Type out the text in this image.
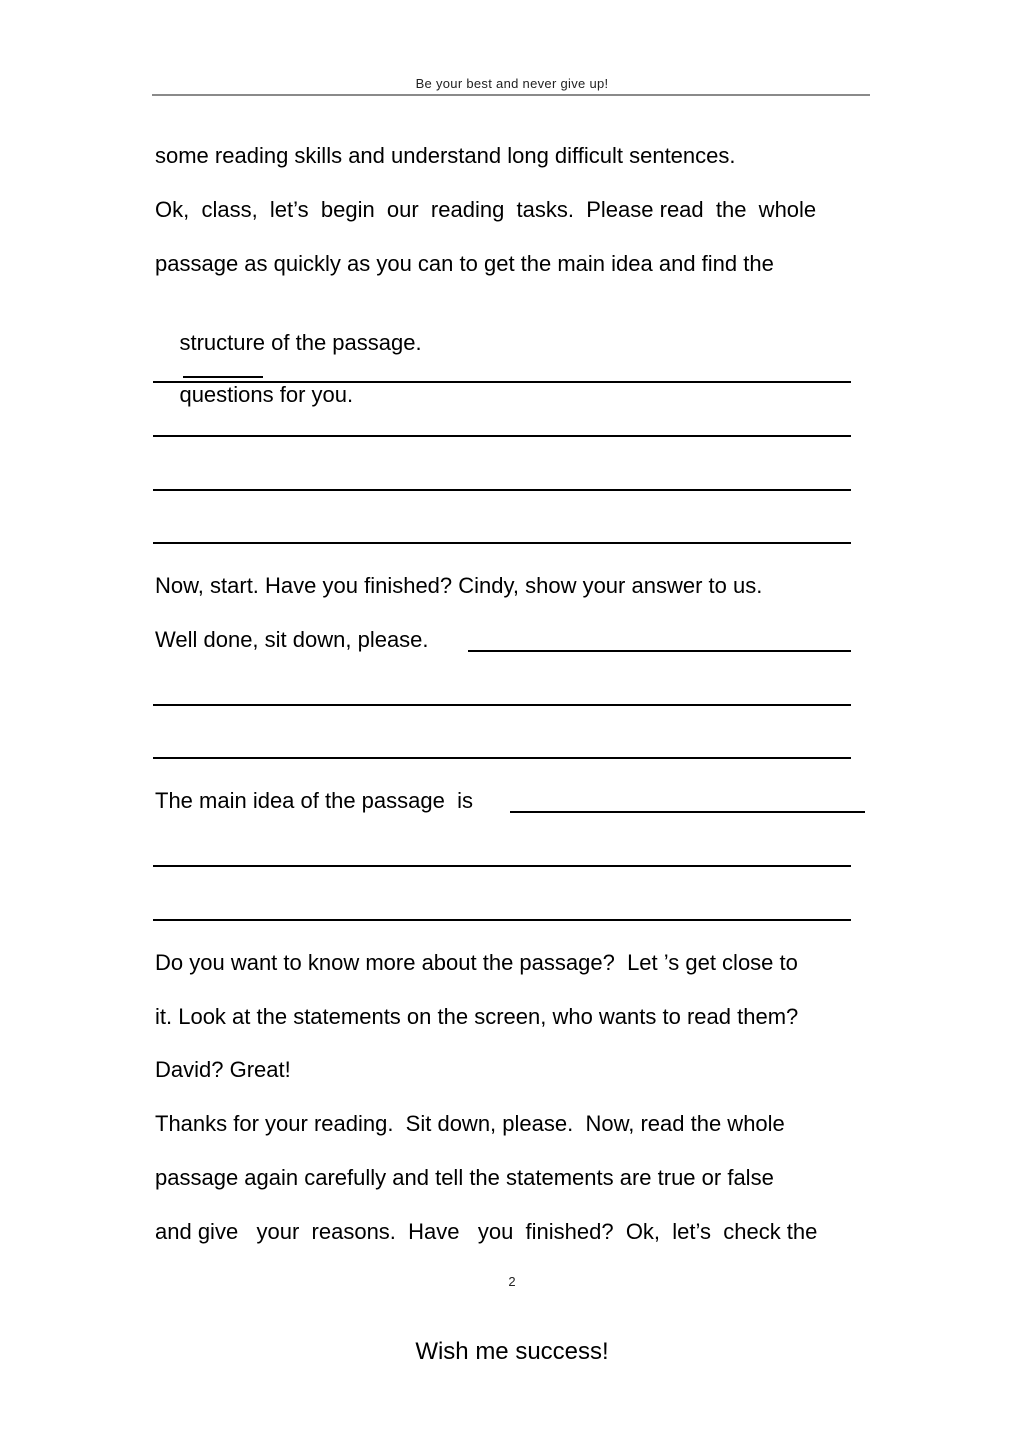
Be your best and never give up!
some reading skills and understand long difficult sentences.
Ok,  class,  let’s  begin  our  reading  tasks.  Please read  the  whole
passage as quickly as you can to get the main idea and find the

structure of the passage.

questions for you.

Now, start. Have you finished? Cindy, show your answer to us.
Well done, sit down, please.
The main idea of the passage  is
Do you want to know more about the passage?  Let ’s get close to
it. Look at the statements on the screen, who wants to read them?
David? Great!
Thanks for your reading.  Sit down, please.  Now, read the whole
passage again carefully and tell the statements are true or false
and give   your  reasons.  Have   you  finished?  Ok,  let’s  check the
2
Wish me success!
